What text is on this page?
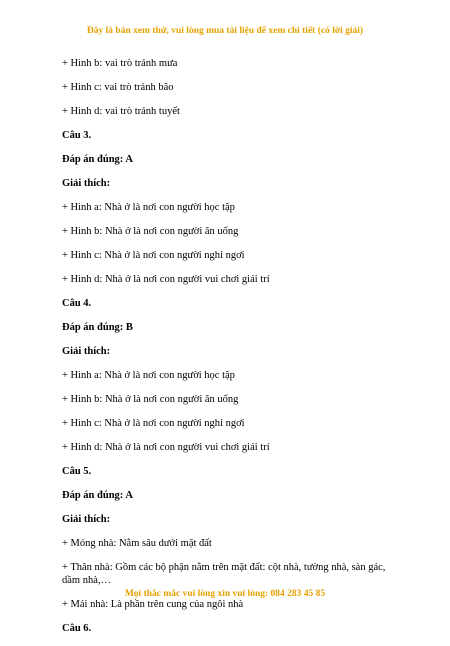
Đây là bản xem thử, vui lòng mua tài liệu để xem chi tiết (có lời giải)

+ Hình b: vai trò tránh mưa

+ Hình c: vai trò tránh bão

+ Hình d: vai trò tránh tuyết

Câu 3.

Đáp án đúng: A

Giải thích:

+ Hình a: Nhà ở là nơi con người học tập

+ Hình b: Nhà ở là nơi con người ăn uống

+ Hình c: Nhà ở là nơi con người nghỉ ngơi

+ Hình d: Nhà ở là nơi con người vui chơi giải trí

Câu 4.

Đáp án đúng: B

Giải thích:

+ Hình a: Nhà ở là nơi con người học tập

+ Hình b: Nhà ở là nơi con người ăn uống

+ Hình c: Nhà ở là nơi con người nghỉ ngơi

+ Hình d: Nhà ở là nơi con người vui chơi giải trí

Câu 5.

Đáp án đúng: A

Giải thích:

+ Móng nhà: Nằm sâu dưới mặt đất

+ Thân nhà: Gồm các bộ phận nằm trên mặt đất: cột nhà, tường nhà, sàn gác, dầm nhà,…

+ Mái nhà: Là phần trên cung của ngôi nhà

Câu 6.

Mọi thắc mắc vui lòng xin vui lòng: 084 283 45 85
